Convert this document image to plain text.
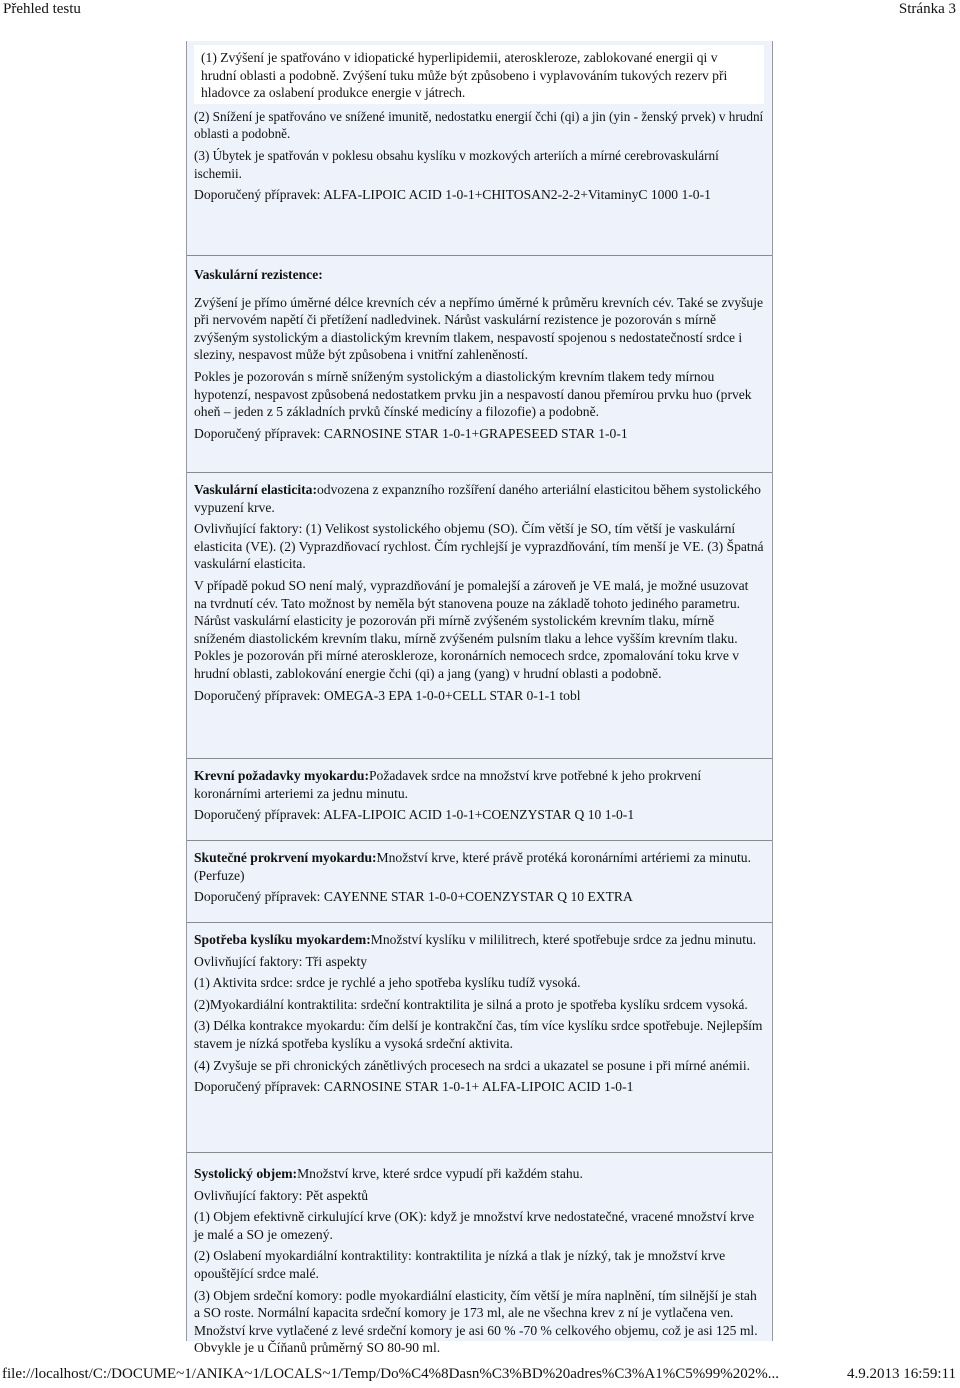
Přehled testu	Stránka 3

(1) Zvýšení je spatřováno v idiopatické hyperlipidemii, ateroskleroze, zablokované energii qi v hrudní oblasti a podobně. Zvýšení tuku může být způsobeno i vyplavováním tukových rezerv při hladovce za oslabení produkce energie v játrech.

(2) Snížení je spatřováno ve snížené imunitě, nedostatku energií čchi (qi) a jin (yin - ženský prvek) v hrudní oblasti a podobně.

(3) Úbytek je spatřován v poklesu obsahu kyslíku v mozkových arteriích a mírné cerebrovaskulární ischemii.

Doporučený přípravek: ALFA-LIPOIC ACID 1-0-1+CHITOSAN2-2-2+VitaminyC 1000 1-0-1

Vaskulární rezistence:

Zvýšení je přímo úměrné délce krevních cév a nepřímo úměrné k průměru krevních cév. Také se zvyšuje při nervovém napětí či přetížení nadledvinek. Nárůst vaskulární rezistence je pozorován s mírně zvýšeným systolickým a diastolickým krevním tlakem, nespavostí spojenou s nedostatečností srdce i sleziny, nespavost může být způsobena i vnitřní zahleněností.

Pokles je pozorován s mírně sníženým systolickým a diastolickým krevním tlakem tedy mírnou hypotenzí, nespavost způsobená nedostatkem prvku jin a nespavostí danou přemírou prvku huo (prvek oheň – jeden z 5 základních prvků čínské medicíny a filozofie) a podobně.

Doporučený přípravek: CARNOSINE STAR 1-0-1+GRAPESEED STAR 1-0-1

Vaskulární elasticita:odvozena z expanzního rozšíření daného arteriální elasticitou během systolického vypuzení krve.

Ovlivňující faktory: (1) Velikost systolického objemu (SO). Čím větší je SO, tím větší je vaskulární elasticita (VE). (2) Vyprazdňovací rychlost. Čím rychlejší je vyprazdňování, tím menší je VE. (3) Špatná vaskulární elasticita.

V případě pokud SO není malý, vyprazdňování je pomalejší a zároveň je VE malá, je možné usuzovat na tvrdnutí cév. Tato možnost by neměla být stanovena pouze na základě tohoto jediného parametru. Nárůst vaskulární elasticity je pozorován při mírně zvýšeném systolickém krevním tlaku, mírně sníženém diastolickém krevním tlaku, mírně zvýšeném pulsním tlaku a lehce vyšším krevním tlaku. Pokles je pozorován při mírné ateroskleroze, koronárních nemocech srdce, zpomalování toku krve v hrudní oblasti, zablokování energie čchi (qi) a jang (yang) v hrudní oblasti a podobně.

Doporučený přípravek: OMEGA-3 EPA 1-0-0+CELL STAR 0-1-1 tobl

Krevní požadavky myokardu:Požadavek srdce na množství krve potřebné k jeho prokrvení koronárními arteriemi za jednu minutu.

Doporučený přípravek: ALFA-LIPOIC ACID 1-0-1+COENZYSTAR Q 10 1-0-1

Skutečné prokrvení myokardu:Množství krve, které právě protéká koronárními artériemi za minutu. (Perfuze)

Doporučený přípravek: CAYENNE STAR 1-0-0+COENZYSTAR Q 10 EXTRA

Spotřeba kyslíku myokardem:Množství kyslíku v mililitrech, které spotřebuje srdce za jednu minutu.

Ovlivňující faktory: Tři aspekty

(1) Aktivita srdce: srdce je rychlé a jeho spotřeba kyslíku tudíž vysoká.

(2)Myokardiální kontraktilita: srdeční kontraktilita je silná a proto je spotřeba kyslíku srdcem vysoká.

(3) Délka kontrakce myokardu: čím delší je kontrakční čas, tím více kyslíku srdce spotřebuje. Nejlepším stavem je nízká spotřeba kyslíku a vysoká srdeční aktivita.

(4) Zvyšuje se při chronických zánětlivých procesech na srdci a ukazatel se posune i při mírné anémii.

Doporučený přípravek: CARNOSINE STAR 1-0-1+ ALFA-LIPOIC ACID 1-0-1

Systolický objem:Množství krve, které srdce vypudí při každém stahu.

Ovlivňující faktory: Pět aspektů

(1) Objem efektivně cirkulující krve (OK): když je množství krve nedostatečné, vracené množství krve je malé a SO je omezený.

(2) Oslabení myokardiální kontraktility: kontraktilita je nízká a tlak je nízký, tak je množství krve opouštějící srdce malé.

(3) Objem srdeční komory: podle myokardiální elasticity, čím větší je míra naplnění, tím silnější je stah a SO roste. Normální kapacita srdeční komory je 173 ml, ale ne všechna krev z ní je vytlačena ven. Množství krve vytlačené z levé srdeční komory je asi 60 % -70 % celkového objemu, což je asi 125 ml. Obvykle je u Číňanů průměrný SO 80-90 ml.

file://localhost/C:/DOCUME~1/ANIKA~1/LOCALS~1/Temp/Do%C4%8Dasn%C3%BD%20adres%C3%A1%C5%99%202%...	4.9.2013 16:59:11
